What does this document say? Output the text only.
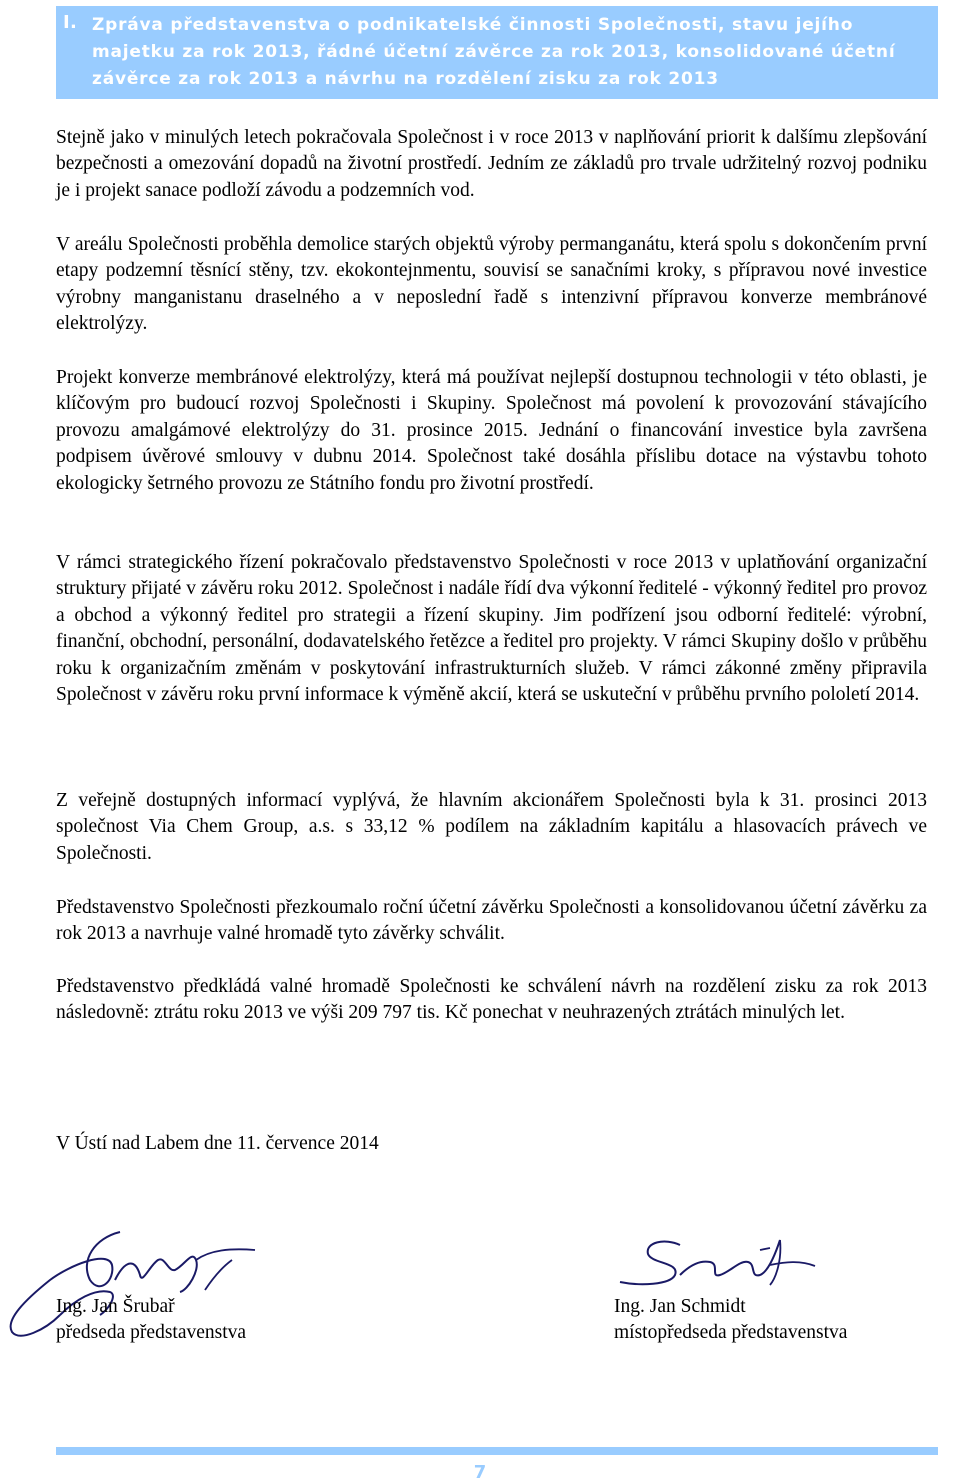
I. Zpráva představenstva o podnikatelské činnosti Společnosti, stavu jejího majetku za rok 2013, řádné účetní závěrce za rok 2013, konsolidované účetní závěrce za rok 2013 a návrhu na rozdělení zisku za rok 2013

Stejně jako v minulých letech pokračovala Společnost i v roce 2013 v naplňování priorit k dalšímu zlepšování bezpečnosti a omezování dopadů na životní prostředí. Jedním ze základů pro trvale udržitelný rozvoj podniku je i projekt sanace podloží závodu a podzemních vod.

V areálu Společnosti proběhla demolice starých objektů výroby permanganátu, která spolu s dokončením první etapy podzemní těsnící stěny, tzv. ekokontejnmentu, souvisí se sanačními kroky, s přípravou nové investice výrobny manganistanu draselného a v neposlední řadě s intenzivní přípravou konverze membránové elektrolýzy.

Projekt konverze membránové elektrolýzy, která má používat nejlepší dostupnou technologii v této oblasti, je klíčovým pro budoucí rozvoj Společnosti i Skupiny. Společnost má povolení k provozování stávajícího provozu amalgámové elektrolýzy do 31. prosince 2015. Jednání o financování investice byla završena podpisem úvěrové smlouvy v dubnu 2014. Společnost také dosáhla příslibu dotace na výstavbu tohoto ekologicky šetrného provozu ze Státního fondu pro životní prostředí.

V rámci strategického řízení pokračovalo představenstvo Společnosti v roce 2013 v uplatňování organizační struktury přijaté v závěru roku 2012. Společnost i nadále řídí dva výkonní ředitelé - výkonný ředitel pro provoz a obchod a výkonný ředitel pro strategii a řízení skupiny. Jim podřízení jsou odborní ředitelé: výrobní, finanční, obchodní, personální, dodavatelského řetězce a ředitel pro projekty. V rámci Skupiny došlo v průběhu roku k organizačním změnám v poskytování infrastrukturních služeb. V rámci zákonné změny připravila Společnost v závěru roku první informace k výměně akcií, která se uskuteční v průběhu prvního pololetí 2014.

Z veřejně dostupných informací vyplývá, že hlavním akcionářem Společnosti byla k 31. prosinci 2013 společnost Via Chem Group, a.s. s 33,12 % podílem na základním kapitálu a hlasovacích právech ve Společnosti.

Představenstvo Společnosti přezkoumalo roční účetní závěrku Společnosti a konsolidovanou účetní závěrku za rok 2013 a navrhuje valné hromadě tyto závěrky schválit.

Představenstvo předkládá valné hromadě Společnosti ke schválení návrh na rozdělení zisku za rok 2013 následovně: ztrátu roku 2013 ve výši 209 797 tis. Kč ponechat v neuhrazených ztrátách minulých let.

V Ústí nad Labem dne 11. července 2014
Ing. Jan Šrubař
předseda představenstva
Ing. Jan Schmidt
místopředseda představenstva
7
